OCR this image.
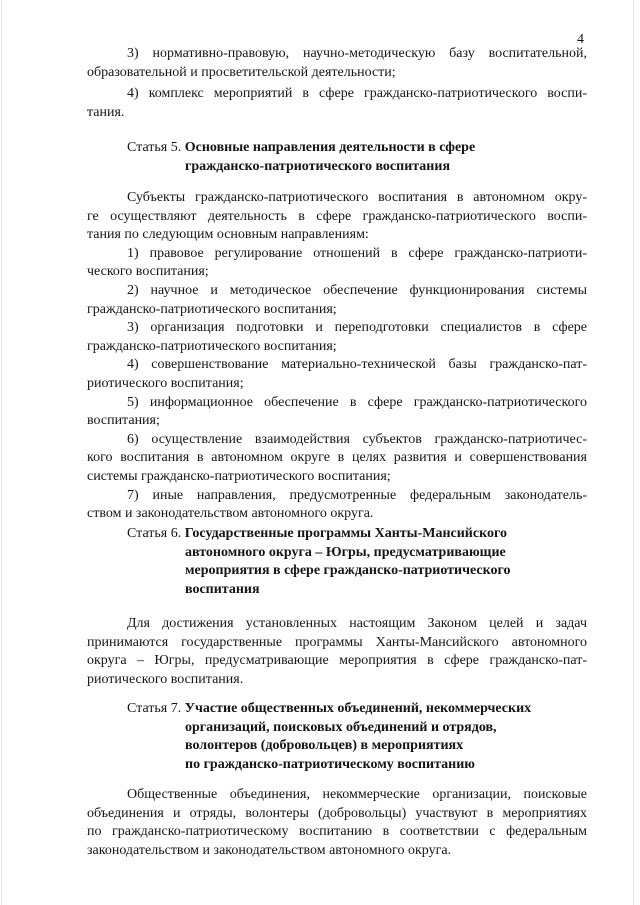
4
3) нормативно-правовую, научно-методическую базу воспитательной,
образовательной и просветительской деятельности;
4) комплекс мероприятий в сфере гражданско-патриотического воспи-
тания.
Статья 5. Основные направления деятельности в сфере
гражданско-патриотического воспитания
Субъекты гражданско-патриотического воспитания в автономном окру-
ге осуществляют деятельность в сфере гражданско-патриотического воспи-
тания по следующим основным направлениям:
1) правовое регулирование отношений в сфере гражданско-патриоти-
ческого воспитания;
2) научное и методическое обеспечение функционирования системы
гражданско-патриотического воспитания;
3) организация подготовки и переподготовки специалистов в сфере
гражданско-патриотического воспитания;
4) совершенствование материально-технической базы гражданско-пат-
риотического воспитания;
5) информационное обеспечение в сфере гражданско-патриотического
воспитания;
6) осуществление взаимодействия субъектов гражданско-патриотичес-
кого воспитания в автономном округе в целях развития и совершенствования
системы гражданско-патриотического воспитания;
7) иные направления, предусмотренные федеральным законодатель-
ством и законодательством автономного округа.
Статья 6. Государственные программы Ханты-Мансийского
автономного округа – Югры, предусматривающие
мероприятия в сфере гражданско-патриотического
воспитания
Для достижения установленных настоящим Законом целей и задач
принимаются государственные программы Ханты-Мансийского автономного
округа – Югры, предусматривающие мероприятия в сфере гражданско-пат-
риотического воспитания.
Статья 7. Участие общественных объединений, некоммерческих
организаций, поисковых объединений и отрядов,
волонтеров (добровольцев) в мероприятиях
по гражданско-патриотическому воспитанию
Общественные объединения, некоммерческие организации, поисковые
объединения и отряды, волонтеры (добровольцы) участвуют в мероприятиях
по гражданско-патриотическому воспитанию в соответствии с федеральным
законодательством и законодательством автономного округа.
